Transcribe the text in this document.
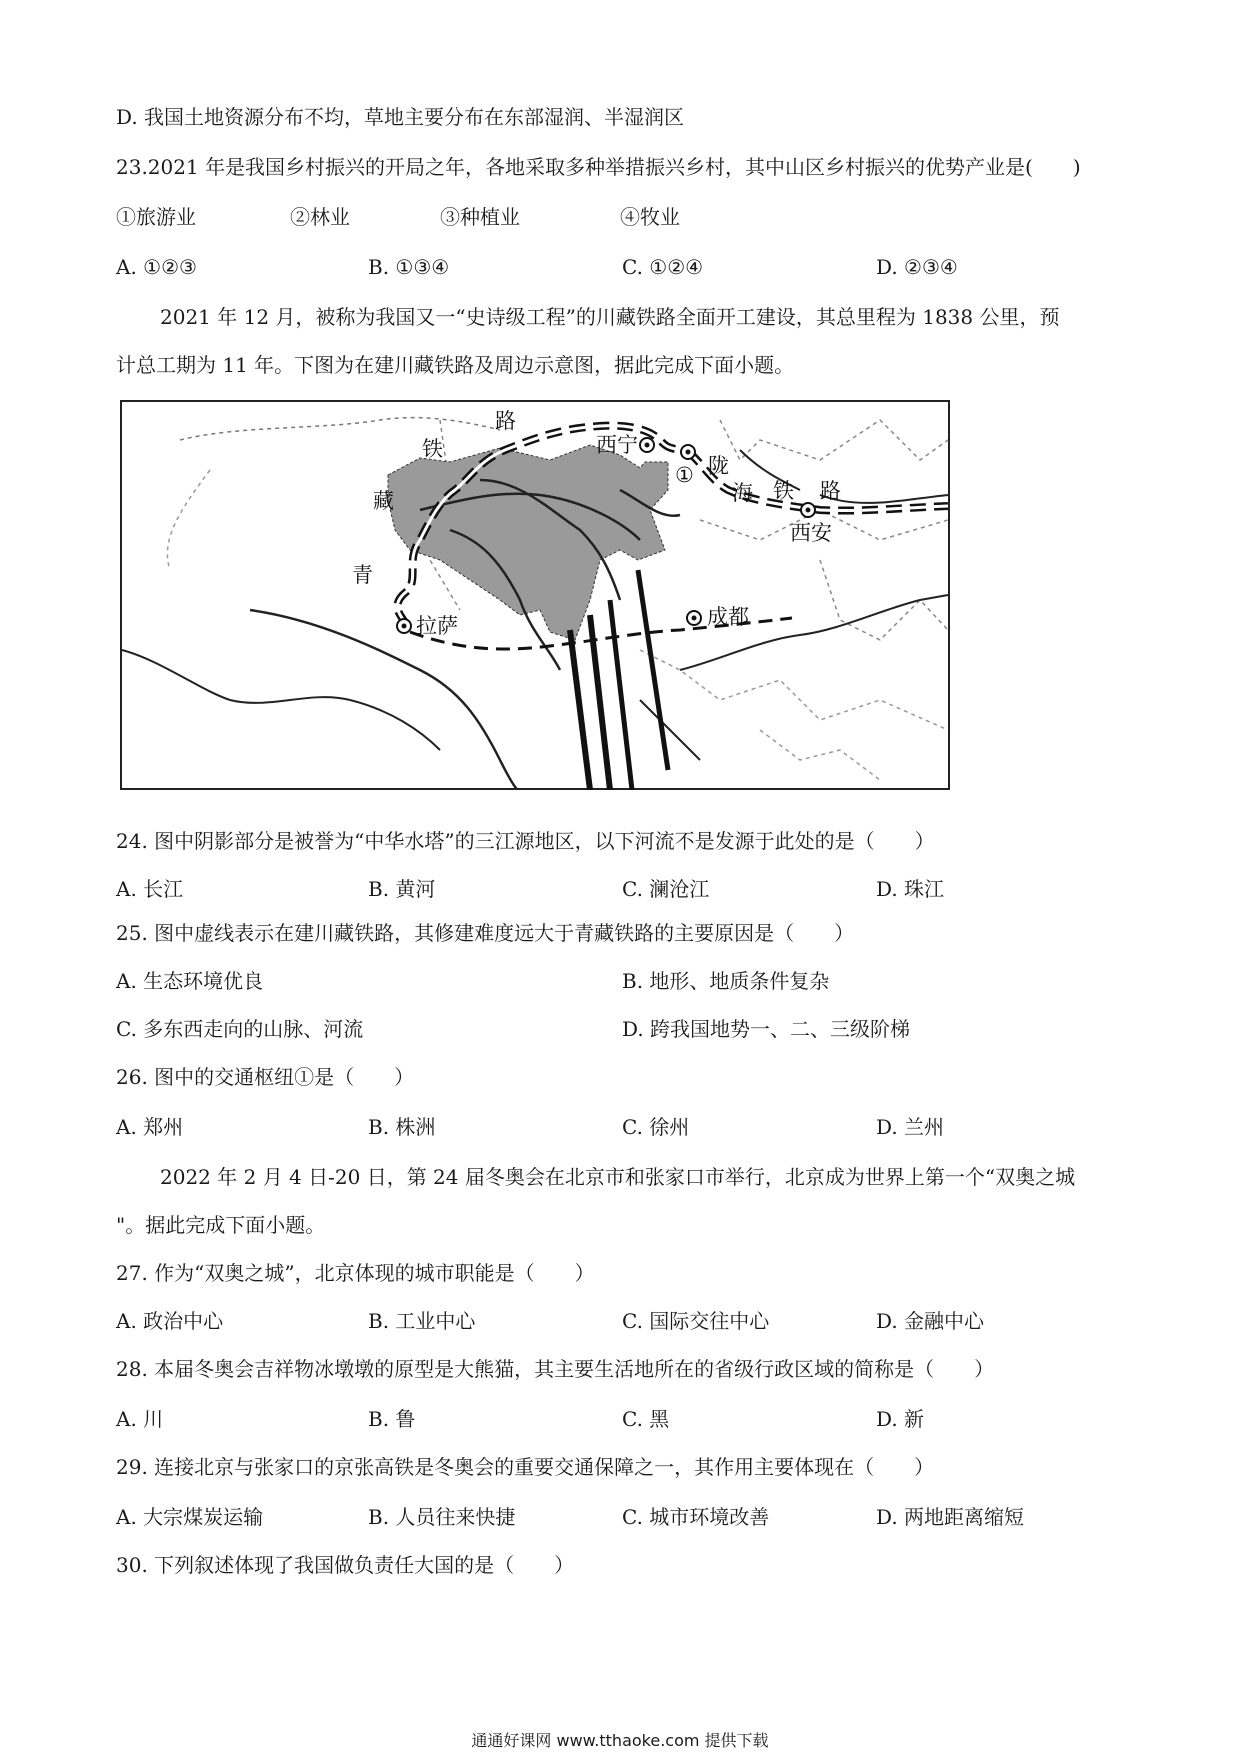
D. 我国土地资源分布不均，草地主要分布在东部湿润、半湿润区
23.2021 年是我国乡村振兴的开局之年，各地采取多种举措振兴乡村，其中山区乡村振兴的优势产业是(　　)
①旅游业	②林业	③种植业	④牧业
A. ①②③	B. ①③④	C. ①②④	D. ②③④
2021 年 12 月，被称为我国又一“史诗级工程”的川藏铁路全面开工建设，其总里程为 1838 公里，预
计总工期为 11 年。下图为在建川藏铁路及周边示意图，据此完成下面小题。
路
铁
藏
青
西宁
① 陇
海 铁 路
西安
拉萨	成都
24. 图中阴影部分是被誉为“中华水塔”的三江源地区，以下河流不是发源于此处的是（　　）
A. 长江	B. 黄河	C. 澜沧江	D. 珠江
25. 图中虚线表示在建川藏铁路，其修建难度远大于青藏铁路的主要原因是（　　）
A. 生态环境优良	B. 地形、地质条件复杂
C. 多东西走向的山脉、河流	D. 跨我国地势一、二、三级阶梯
26. 图中的交通枢纽①是（　　）
A. 郑州	B. 株洲	C. 徐州	D. 兰州
2022 年 2 月 4 日-20 日，第 24 届冬奥会在北京市和张家口市举行，北京成为世界上第一个“双奥之城
"。据此完成下面小题。
27. 作为“双奥之城”，北京体现的城市职能是（　　）
A. 政治中心	B. 工业中心	C. 国际交往中心	D. 金融中心
28. 本届冬奥会吉祥物冰墩墩的原型是大熊猫，其主要生活地所在的省级行政区域的简称是（　　）
A. 川	B. 鲁	C. 黑	D. 新
29. 连接北京与张家口的京张高铁是冬奥会的重要交通保障之一，其作用主要体现在（　　）
A. 大宗煤炭运输	B. 人员往来快捷	C. 城市环境改善	D. 两地距离缩短
30. 下列叙述体现了我国做负责任大国的是（　　）
通通好课网 www.tthaoke.com 提供下载
